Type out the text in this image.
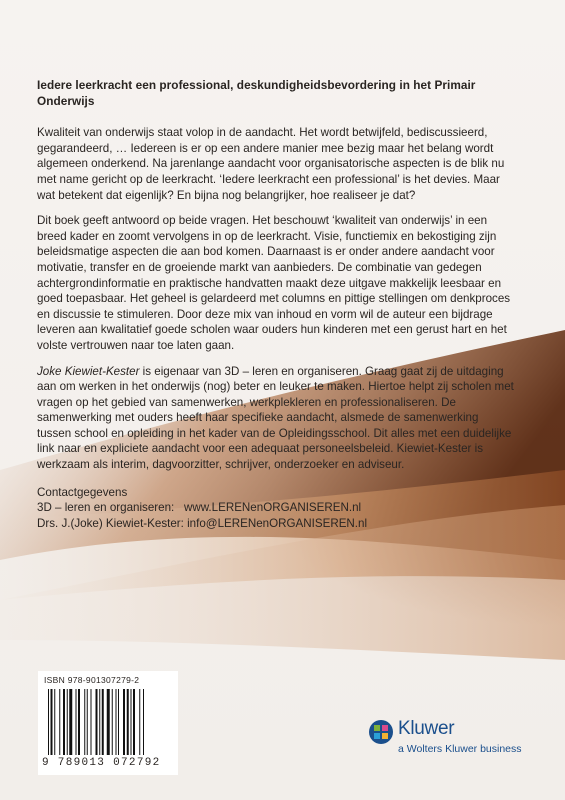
Iedere leerkracht een professional, deskundigheidsbevordering in het Primair Onderwijs

Kwaliteit van onderwijs staat volop in de aandacht. Het wordt betwijfeld, bediscussieerd, gegarandeerd, … Iedereen is er op een andere manier mee bezig maar het belang wordt algemeen onderkend. Na jarenlange aandacht voor organisatorische aspecten is de blik nu met name gericht op de leerkracht. ‘Iedere leerkracht een professional’ is het devies. Maar wat betekent dat eigenlijk? En bijna nog belangrijker, hoe realiseer je dat?

Dit boek geeft antwoord op beide vragen. Het beschouwt ‘kwaliteit van onderwijs’ in een breed kader en zoomt vervolgens in op de leerkracht. Visie, functiemix en bekostiging zijn beleidsmatige aspecten die aan bod komen. Daarnaast is er onder andere aandacht voor motivatie, transfer en de groeiende markt van aanbieders. De combinatie van gedegen achtergrondinformatie en praktische handvatten maakt deze uitgave makkelijk leesbaar en goed toepasbaar. Het geheel is gelardeerd met columns en pittige stellingen om denkproces en discussie te stimuleren. Door deze mix van inhoud en vorm wil de auteur een bijdrage leveren aan kwalitatief goede scholen waar ouders hun kinderen met een gerust hart en het volste vertrouwen naar toe laten gaan.

Joke Kiewiet-Kester is eigenaar van 3D – leren en organiseren. Graag gaat zij de uitdaging aan om werken in het onderwijs (nog) beter en leuker te maken. Hiertoe helpt zij scholen met vragen op het gebied van samenwerken, werkplekleren en professionaliseren. De samenwerking met ouders heeft haar specifieke aandacht, alsmede de samenwerking tussen school en opleiding in het kader van de Opleidingsschool. Dit alles met een duidelijke link naar en expliciete aandacht voor een adequaat personeelsbeleid. Kiewiet-Kester is werkzaam als interim, dagvoorzitter, schrijver, onderzoeker en adviseur.

Contactgegevens
3D – leren en organiseren:   www.LERENenORGANISEREN.nl
Drs. J.(Joke) Kiewiet-Kester: info@LERENenORGANISEREN.nl
ISBN 978-901307279-2
9 789013 072792
Kluwer
a Wolters Kluwer business
